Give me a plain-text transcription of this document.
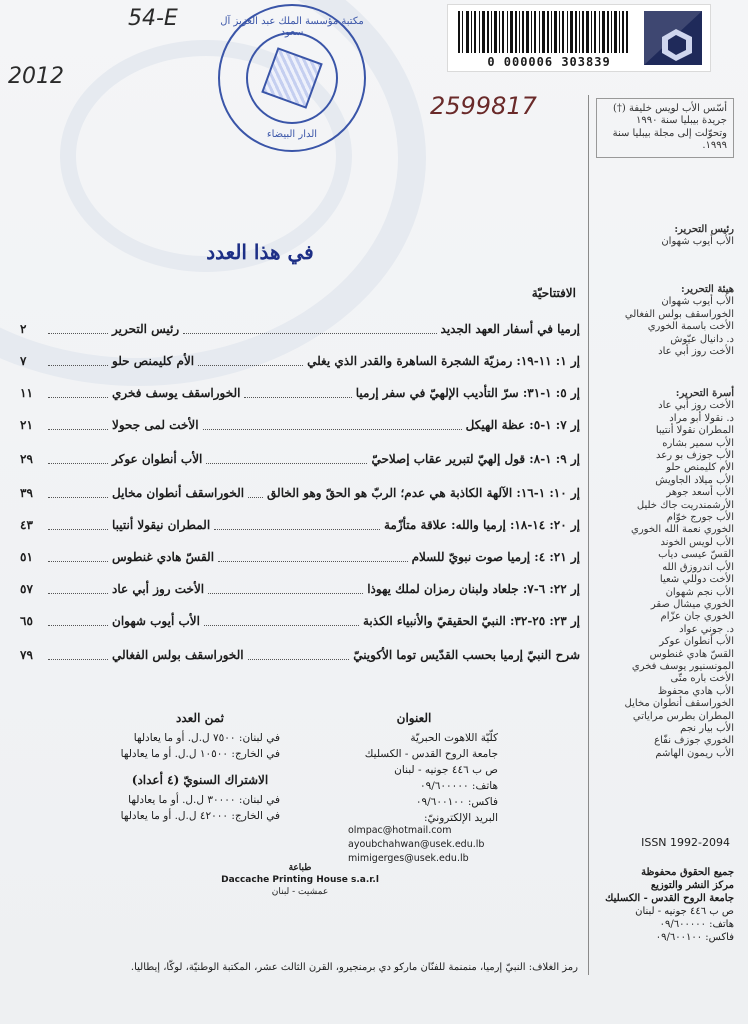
54-E
2012
2599817
مكتبة مؤسسة الملك عبد العزيز آل سعود
الدار البيضاء
0 000006 303839
أسّس الأب لويس خليفة (†)
جريدة بيبليا سنة ١٩٩٠
وتحوّلت إلى مجلة بيبليا سنة ١٩٩٩.
رئيس التحرير:
الأب أيوب شهوان
هيئة التحرير:
الأب أيوب شهوان
الخوراسقف بولس الفغالي
الأخت باسمة الخوري
د. دانيال عيّوش
الأخت روز أبي عاد
أسرة التحرير:
الأخت روز أبي عاد
د. نقولا أبو مراد
المطران نقولا أنتيبا
الأب سمير بشاره
الأب جوزف بو رعد
الأم كليمنص حلو
الأب ميلاد الجاويش
الأب أسعد جوهر
الأرشمندريت جاك خليل
الأب جورج خوّام
الخوري نعمة الله الخوري
الأب لويس الخوند
القسّ عيسى دياب
الأب اندروزق الله
الأخت دوللي شعيا
الأب نجم شهوان
الخوري ميشال صقر
الخوري جان عزّام
د. جوني عواد
الأب أنطوان عوكر
القسّ هادي غنطوس
المونسنيور يوسف فخري
الأخت باره متّى
الأب هادي محفوظ
الخوراسقف أنطوان مخايل
المطران بطرس مراياتي
الأب بيار نجم
الخوري جوزف نفّاع
الأب ريمون الهاشم
ISSN 1992-2094
جميع الحقوق محفوظة
مركز النشر والتوزيع
جامعة الروح القدس - الكسليك
ص ب ٤٤٦ جونيه - لبنان
هاتف: ٠٩/٦٠٠٠٠٠
فاكس: ٠٩/٦٠٠١٠٠
في هذا العدد
الافتتاحيّة
إرميا في أسفار العهد الجديد
رئيس التحرير
٢
إر ١: ١١-١٩: رمزيّة الشجرة الساهرة والقدر الذي يغلي
الأم كليمنص حلو
٧
إر ٥: ١-٣١: سرّ التأديب الإلهيّ في سفر إرميا
الخوراسقف يوسف فخري
١١
إر ٧: ١-٥: عظة الهيكل
الأخت لمى جحولا
٢١
إر ٩: ١-٨: قول إلهيّ لتبرير عقاب إصلاحيّ
الأب أنطوان عوكر
٢٩
إر ١٠: ١-١٦: الآلهة الكاذبة هي عدم؛ الربّ هو الحقّ وهو الخالق
الخوراسقف أنطوان مخايل
٣٩
إر ٢٠: ١٤-١٨: إرميا والله: علاقة متأزّمة
المطران نيقولا أنتيبا
٤٣
إر ٢١: ٤: إرميا صوت نبويّ للسلام
القسّ هادي غنطوس
٥١
إر ٢٢: ٦-٧: جلعاد ولبنان رمزان لملك يهوذا
الأخت روز أبي عاد
٥٧
إر ٢٣: ٢٥-٣٢: النبيّ الحقيقيّ والأنبياء الكذبة
الأب أيوب شهوان
٦٥
شرح النبيّ إرميا بحسب القدّيس توما الأكوينيّ
الخوراسقف بولس الفغالي
٧٩
العنوان
كلّيّة اللاهوت الحبريّة
جامعة الروح القدس - الكسليك
ص ب ٤٤٦ جونيه - لبنان
هاتف: ٠٩/٦٠٠٠٠٠
فاكس: ٠٩/٦٠٠١٠٠
البريد الإلكترونيّ:
olmpac@hotmail.com
ayoubchahwan@usek.edu.lb
mimigerges@usek.edu.lb
ثمن العدد
في لبنان: ٧٥٠٠ ل.ل. أو ما يعادلها
في الخارج: ١٠٥٠٠ ل.ل. أو ما يعادلها
الاشتراك السنويّ (٤ أعداد)
في لبنان: ٣٠٠٠٠ ل.ل. أو ما يعادلها
في الخارج: ٤٢٠٠٠ ل.ل. أو ما يعادلها
طباعة
Daccache Printing House s.a.r.l
عمشيت - لبنان
رمز الغلاف: النبيّ إرميا، منمنمة للفنّان ماركو دي برمنجيرو، القرن الثالث عشر، المكتبة الوطنيّة، لوكّا، إيطاليا.
